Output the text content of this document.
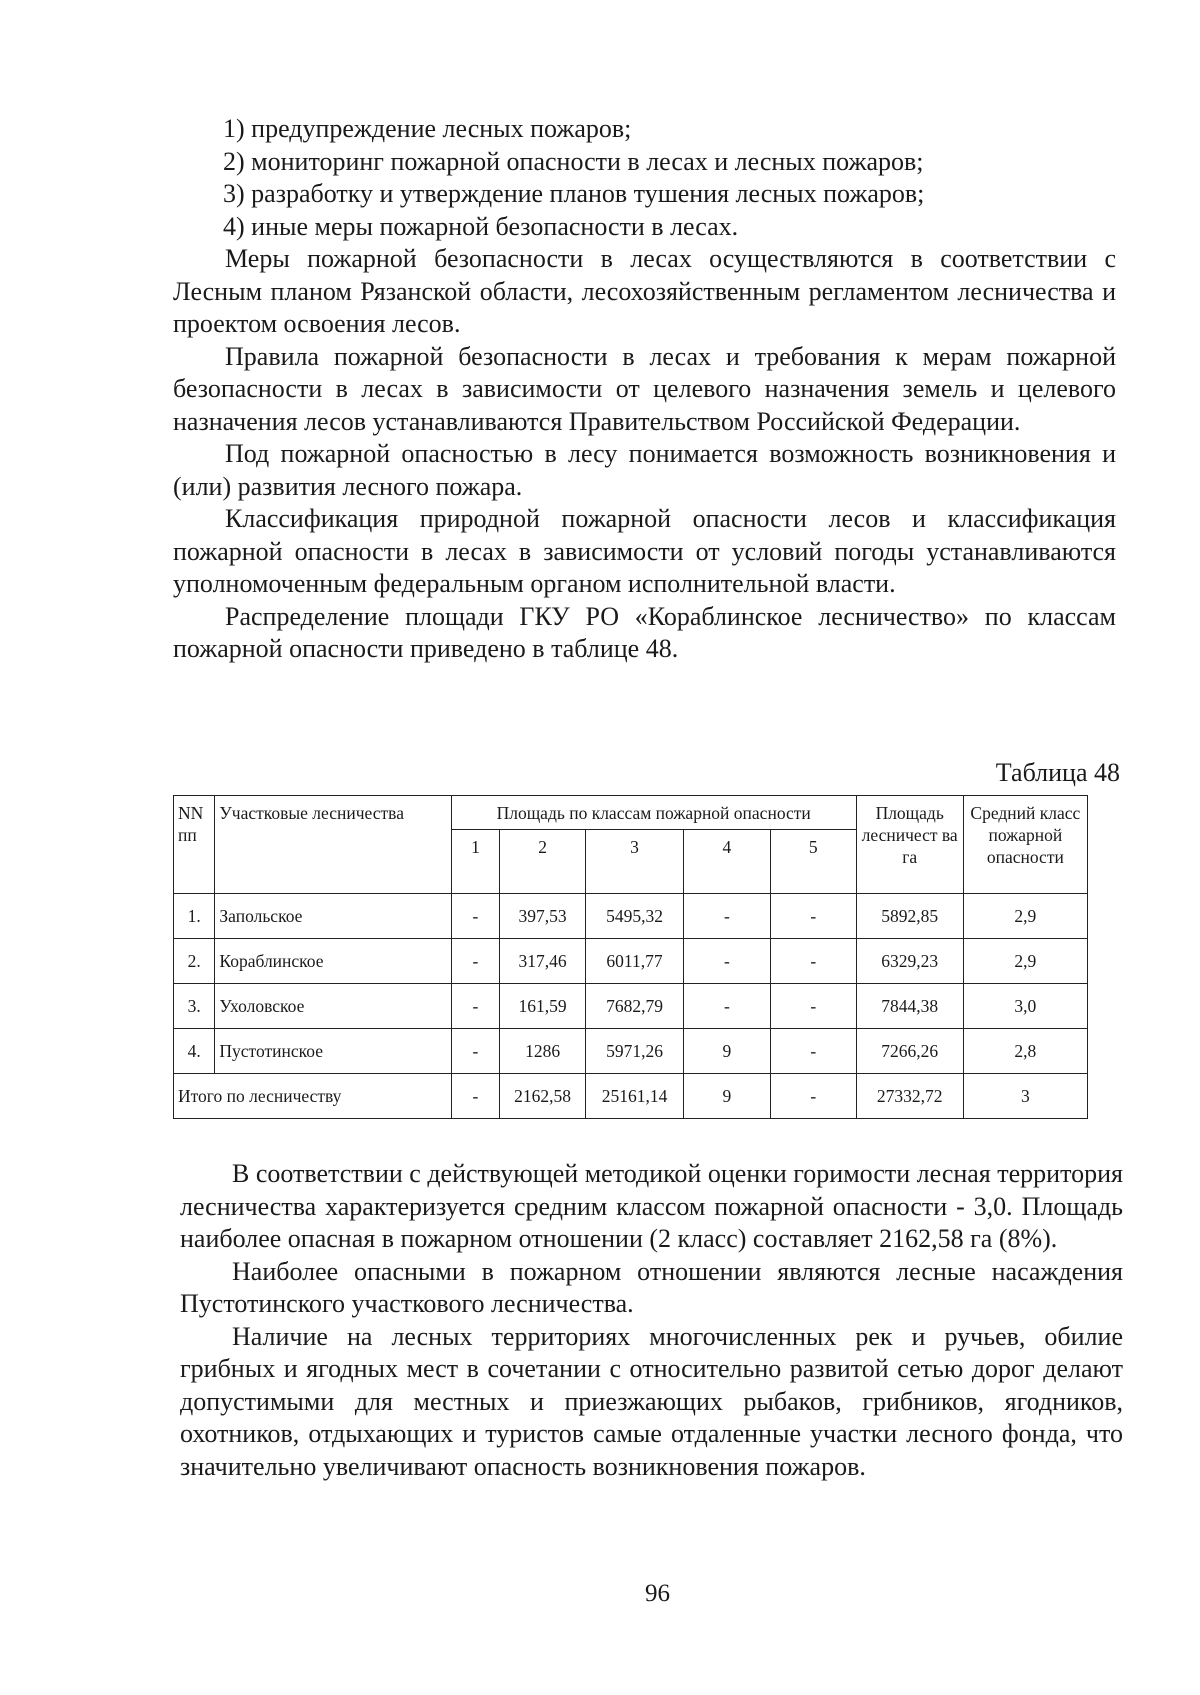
1) предупреждение лесных пожаров;

2) мониторинг пожарной опасности в лесах и лесных пожаров;

3) разработку и утверждение планов тушения лесных пожаров;

4) иные меры пожарной безопасности в лесах.

Меры пожарной безопасности в лесах осуществляются в соответствии с Лесным планом Рязанской области, лесохозяйственным регламентом лесничества и проектом освоения лесов.

Правила пожарной безопасности в лесах и требования к мерам пожарной безопасности в лесах в зависимости от целевого назначения земель и целевого назначения лесов устанавливаются Правительством Российской Федерации.

Под пожарной опасностью в лесу понимается возможность возникновения и (или) развития лесного пожара.

Классификация природной пожарной опасности лесов и классификация пожарной опасности в лесах в зависимости от условий погоды устанавливаются уполномоченным федеральным органом исполнительной власти.

Распределение площади ГКУ РО «Кораблинское лесничество» по классам пожарной опасности приведено в таблице 48.

Таблица 48
NN пп	Участковые лесничества	Площадь по классам пожарной опасности					Площадь лесничест ва га	Средний класс пожарной опасности
		1	2	3	4	5		
1.	Запольское	-	397,53	5495,32	-	-	5892,85	2,9
2.	Кораблинское	-	317,46	6011,77	-	-	6329,23	2,9
3.	Ухоловское	-	161,59	7682,79	-	-	7844,38	3,0
4.	Пустотинское	-	1286	5971,26	9	-	7266,26	2,8
Итого по лесничеству		-	2162,58	25161,14	9	-	27332,72	3

В соответствии с действующей методикой оценки горимости лесная территория лесничества характеризуется средним классом пожарной опасности - 3,0. Площадь наиболее опасная в пожарном отношении (2 класс) составляет 2162,58 га (8%).

Наиболее опасными в пожарном отношении являются лесные насаждения Пустотинского участкового лесничества.

Наличие на лесных территориях многочисленных рек и ручьев, обилие грибных и ягодных мест в сочетании с относительно развитой сетью дорог делают допустимыми для местных и приезжающих рыбаков, грибников, ягодников, охотников, отдыхающих и туристов самые отдаленные участки лесного фонда, что значительно увеличивают опасность возникновения пожаров.

96
